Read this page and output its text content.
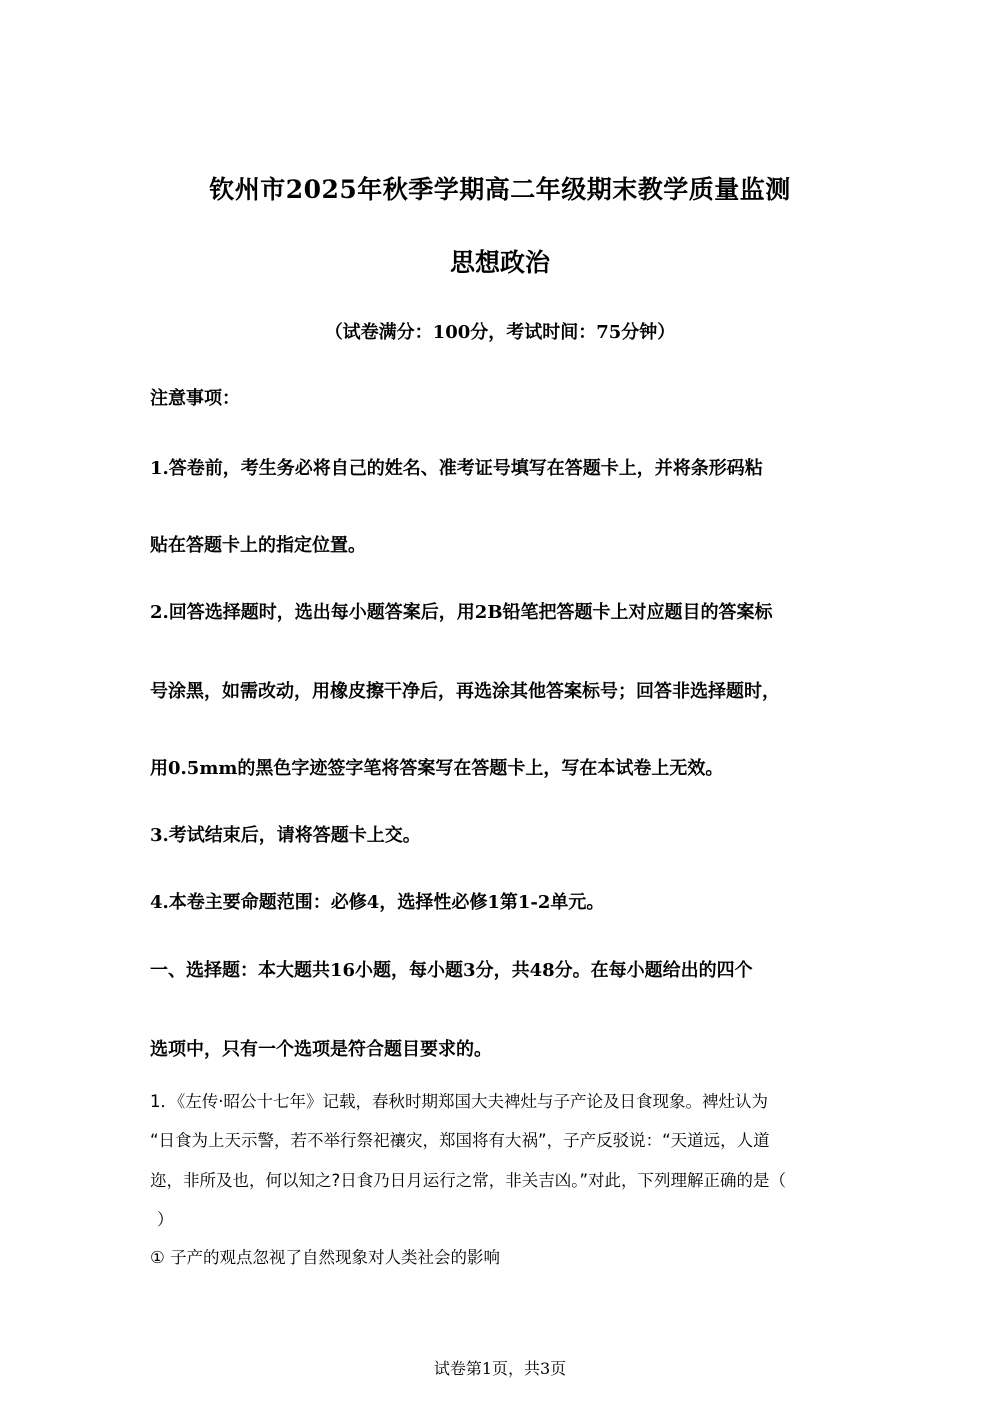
钦州市2025年秋季学期高二年级期末教学质量监测
思想政治
（试卷满分：100分，考试时间：75分钟）
注意事项：
1.答卷前，考生务必将自己的姓名、准考证号填写在答题卡上，并将条形码粘
贴在答题卡上的指定位置。
2.回答选择题时，选出每小题答案后，用2B铅笔把答题卡上对应题目的答案标
号涂黑，如需改动，用橡皮擦干净后，再选涂其他答案标号；回答非选择题时，
用0.5mm的黑色字迹签字笔将答案写在答题卡上，写在本试卷上无效。
3.考试结束后，请将答题卡上交。
4.本卷主要命题范围：必修4，选择性必修1第1-2单元。
一、选择题：本大题共16小题，每小题3分，共48分。在每小题给出的四个
选项中，只有一个选项是符合题目要求的。
1．《左传·昭公十七年》记载，春秋时期郑国大夫裨灶与子产论及日食现象。裨灶认为
“日食为上天示警，若不举行祭祀禳灾，郑国将有大祸”，子产反驳说：“天道远，人道
迩，非所及也，何以知之?日食乃日月运行之常，非关吉凶。”对此，下列理解正确的是（
）
① 子产的观点忽视了自然现象对人类社会的影响
试卷第1页，共3页
